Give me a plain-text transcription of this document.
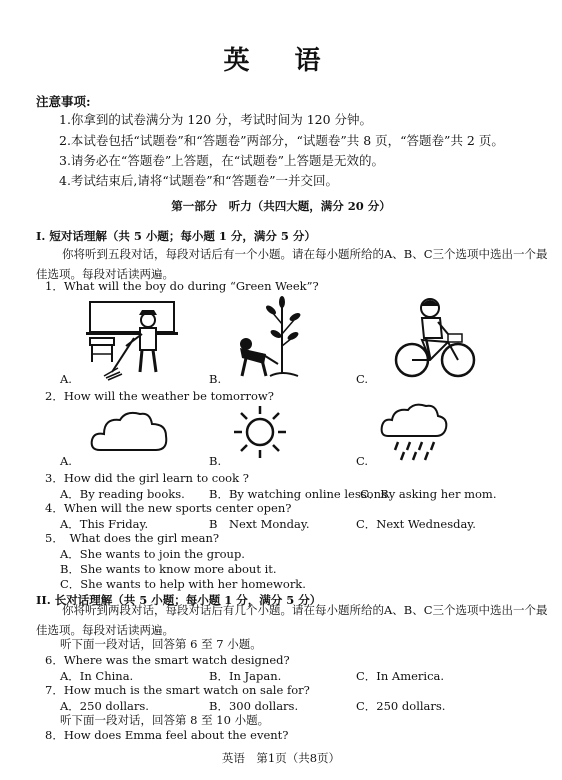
英 语
注意事项:
1.你拿到的试卷满分为 120 分，考试时间为 120 分钟。
2.本试卷包括“试题卷”和“答题卷”两部分，“试题卷”共 8 页，“答题卷”共 2 页。
3.请务必在“答题卷”上答题，在“试题卷”上答题是无效的。
4.考试结束后,请将“试题卷”和“答题卷”一并交回。
第一部分　听力（共四大题，满分 20 分）
I. 短对话理解（共 5 小题；每小题 1 分，满分 5 分）
你将听到五段对话，每段对话后有一个小题。请在每小题所给的A、B、C三个选项中选出一个最佳选项。每段对话读两遍。
1．What will the boy do during “Green Week”?
A.	B.	C.
2．How will the weather be tomorrow?
A.	B.	C.
3．How did the girl learn to cook ?
A．By reading books. B．By watching online lessons.
C．By asking her mom.
4．When will the new sports center open?
A．This Friday.	B　Next Monday.	C．Next Wednesday.
5．　What does the girl mean?
A．She wants to join the group.
B．She wants to know more about it.
C．She wants to help with her homework.
II. 长对话理解（共 5 小题；每小题 1 分，满分 5 分）
你将听到两段对话，每段对话后有几个小题。请在每小题所给的A、B、C三个选项中选出一个最佳选项。每段对话读两遍。
听下面一段对话，回答第 6 至 7 小题。
6．Where was the smart watch designed?
A．In China.	B．In Japan.	C．In America.
7．How much is the smart watch on sale for?
A．250 dollars.	B．300 dollars.	C．250 dollars.
听下面一段对话，回答第 8 至 10 小题。
8．How does Emma feel about the event?
英语　第1页（共8页）
